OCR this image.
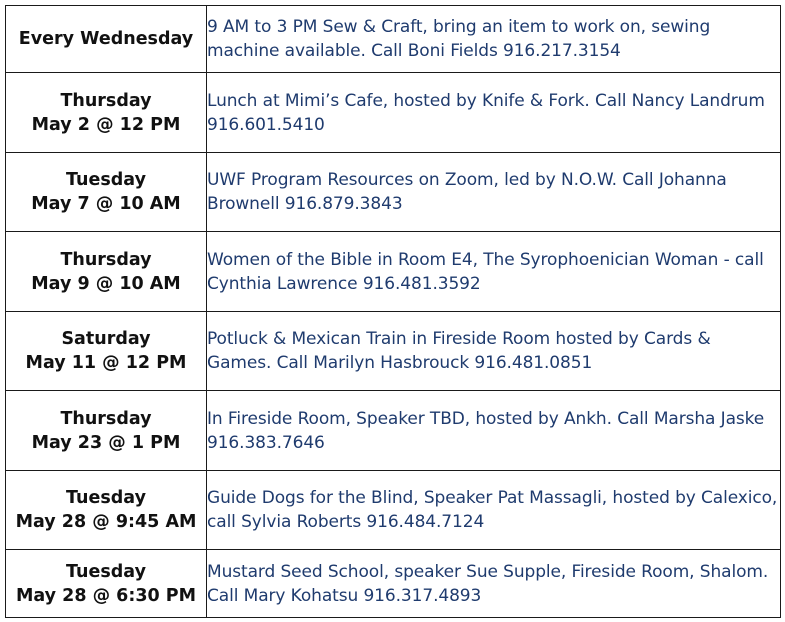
Every Wednesday	9 AM to 3 PM Sew & Craft, bring an item to work on, sewing machine available. Call Boni Fields 916.217.3154

Thursday
May 2 @ 12 PM	Lunch at Mimi’s Cafe, hosted by Knife & Fork. Call Nancy Landrum 916.601.5410

Tuesday
May 7 @ 10 AM	UWF Program Resources on Zoom, led by N.O.W. Call Johanna Brownell 916.879.3843

Thursday
May 9 @ 10 AM	Women of the Bible in Room E4, The Syrophoenician Woman - call Cynthia Lawrence 916.481.3592

Saturday
May 11 @ 12 PM	Potluck & Mexican Train in Fireside Room hosted by Cards & Games. Call Marilyn Hasbrouck 916.481.0851

Thursday
May 23 @ 1 PM	In Fireside Room, Speaker TBD, hosted by Ankh. Call Marsha Jaske 916.383.7646

Tuesday
May 28 @ 9:45 AM	Guide Dogs for the Blind, Speaker Pat Massagli, hosted by Calexico, call Sylvia Roberts 916.484.7124

Tuesday
May 28 @ 6:30 PM	Mustard Seed School, speaker Sue Supple, Fireside Room, Shalom. Call Mary Kohatsu 916.317.4893
